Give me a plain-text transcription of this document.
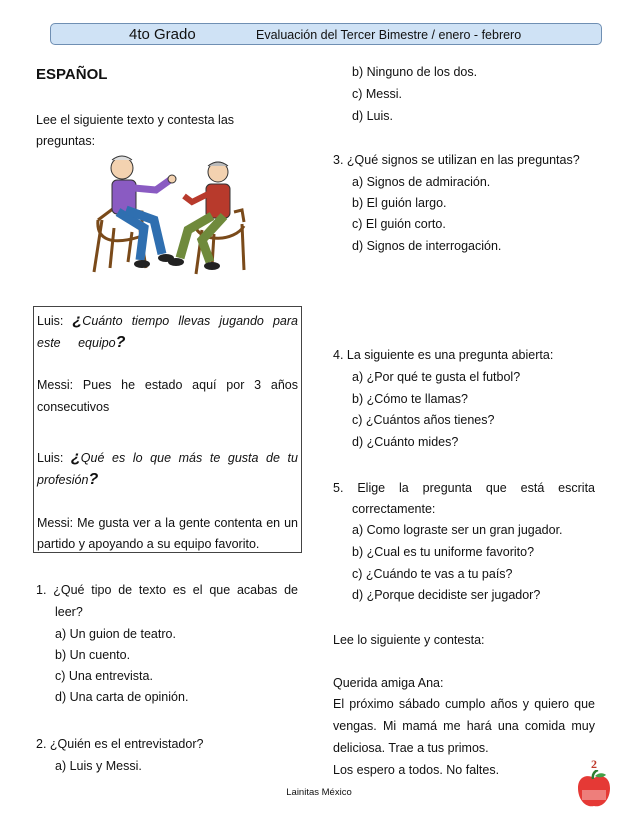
4to Grado	Evaluación del Tercer Bimestre / enero - febrero
ESPAÑOL
Lee el siguiente texto y contesta las
preguntas:
Luis: ¿Cuánto tiempo llevas jugando para
este equipo?
Messi: Pues he estado aquí por 3 años
consecutivos
Luis: ¿Qué es lo que más te gusta de tu
profesión?
Messi: Me gusta ver a la gente contenta en un
partido y apoyando a su equipo favorito.
1. ¿Qué tipo de texto es el que acabas de
leer?
a) Un guion de teatro.
b) Un cuento.
c) Una entrevista.
d) Una carta de opinión.
2. ¿Quién es el entrevistador?
a) Luis y Messi.
b) Ninguno de los dos.
c) Messi.
d) Luis.
3. ¿Qué signos se utilizan en las preguntas?
a) Signos de admiración.
b) El guión largo.
c) El guión corto.
d) Signos de interrogación.
4. La siguiente es una pregunta abierta:
a) ¿Por qué te gusta el futbol?
b) ¿Cómo te llamas?
c) ¿Cuántos años tienes?
d) ¿Cuánto mides?
5. Elige la pregunta que está escrita
correctamente:
a) Como lograste ser un gran jugador.
b) ¿Cual es tu uniforme favorito?
c) ¿Cuándo te vas a tu país?
d) ¿Porque decidiste ser jugador?
Lee lo siguiente y contesta:
Querida amiga Ana:
El próximo sábado cumplo años y quiero que
vengas. Mi mamá me hará una comida muy
deliciosa. Trae a tus primos.
Los espero a todos. No faltes.	2
Lainitas México
